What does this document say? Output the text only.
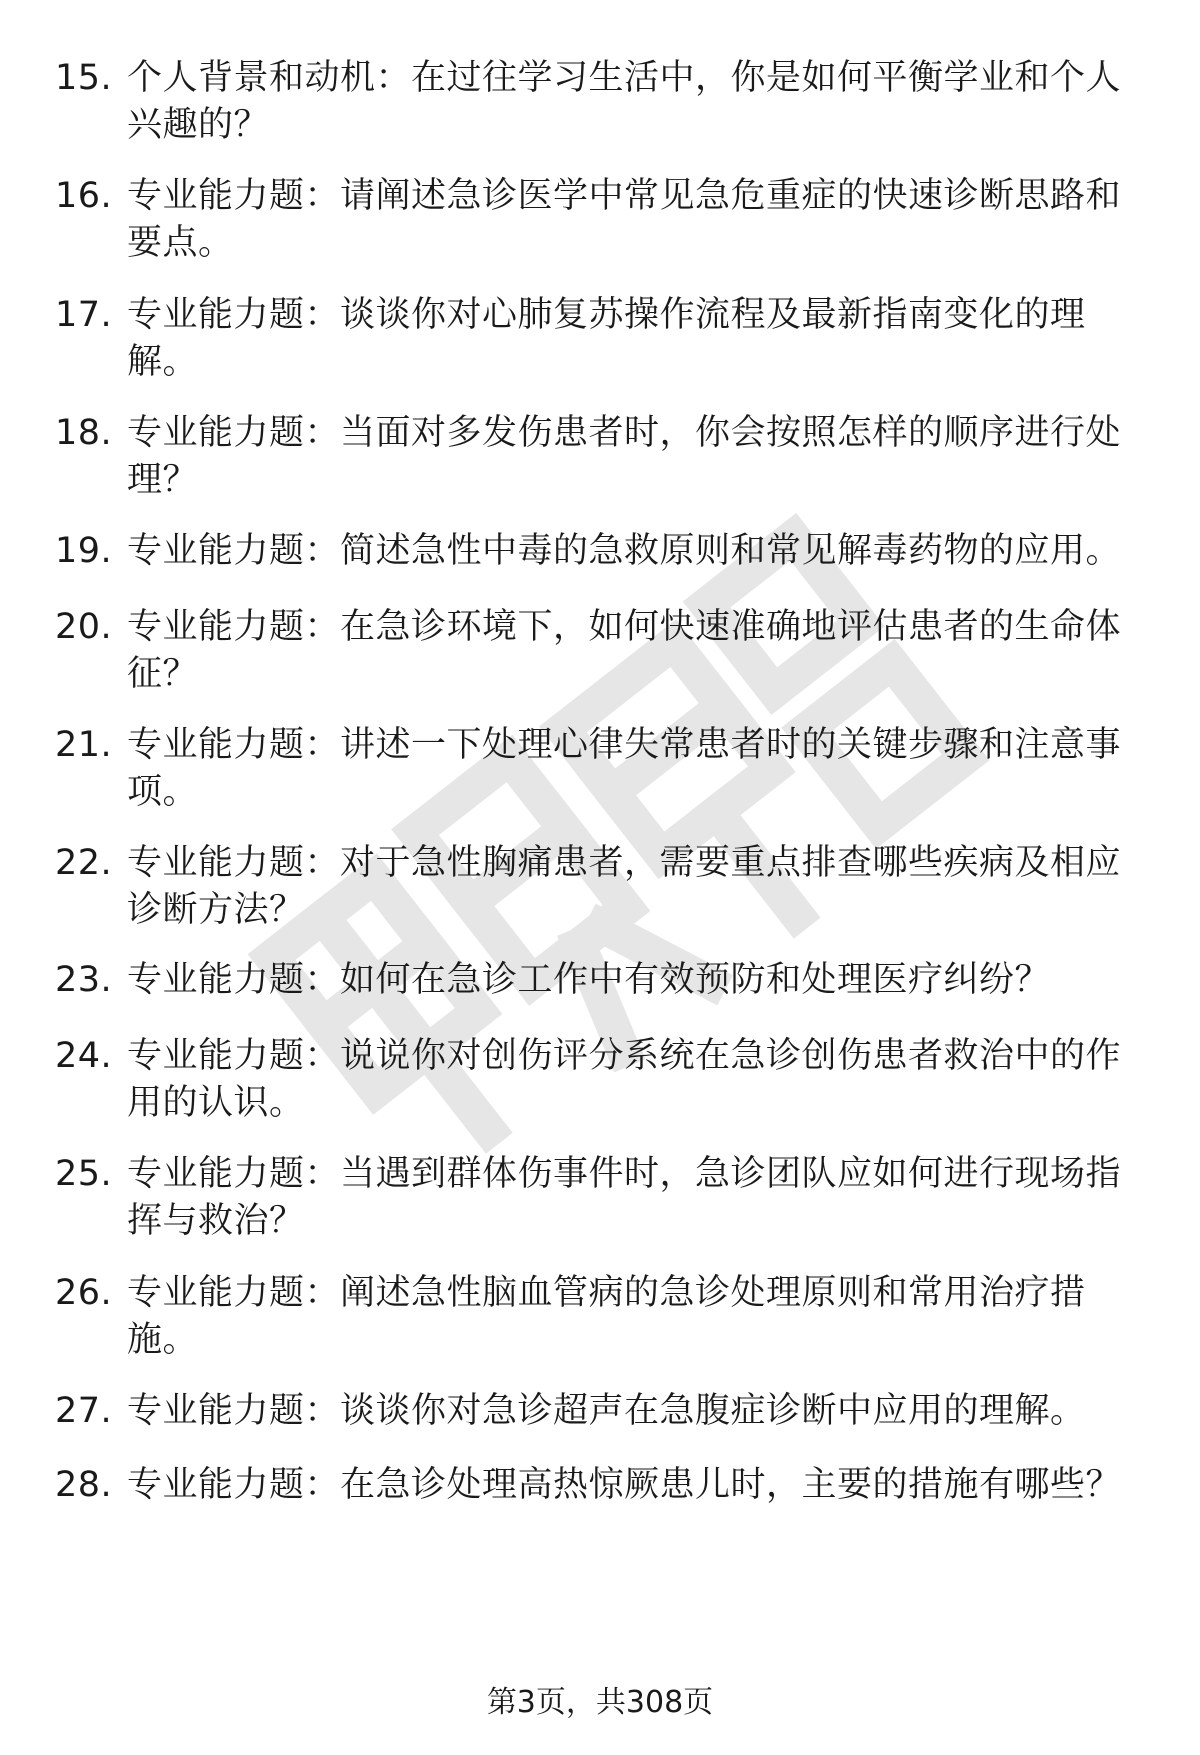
15. 个人背景和动机：在过往学习生活中，你是如何平衡学业和个人兴趣的？
16. 专业能力题：请阐述急诊医学中常见急危重症的快速诊断思路和要点。
17. 专业能力题：谈谈你对心肺复苏操作流程及最新指南变化的理解。
18. 专业能力题：当面对多发伤患者时，你会按照怎样的顺序进行处理？
19. 专业能力题：简述急性中毒的急救原则和常见解毒药物的应用。
20. 专业能力题：在急诊环境下，如何快速准确地评估患者的生命体征？
21. 专业能力题：讲述一下处理心律失常患者时的关键步骤和注意事项。
22. 专业能力题：对于急性胸痛患者，需要重点排查哪些疾病及相应诊断方法？
23. 专业能力题：如何在急诊工作中有效预防和处理医疗纠纷？
24. 专业能力题：说说你对创伤评分系统在急诊创伤患者救治中的作用的认识。
25. 专业能力题：当遇到群体伤事件时，急诊团队应如何进行现场指挥与救治？
26. 专业能力题：阐述急性脑血管病的急诊处理原则和常用治疗措施。
27. 专业能力题：谈谈你对急诊超声在急腹症诊断中应用的理解。
28. 专业能力题：在急诊处理高热惊厥患儿时，主要的措施有哪些？
第3页，共308页
